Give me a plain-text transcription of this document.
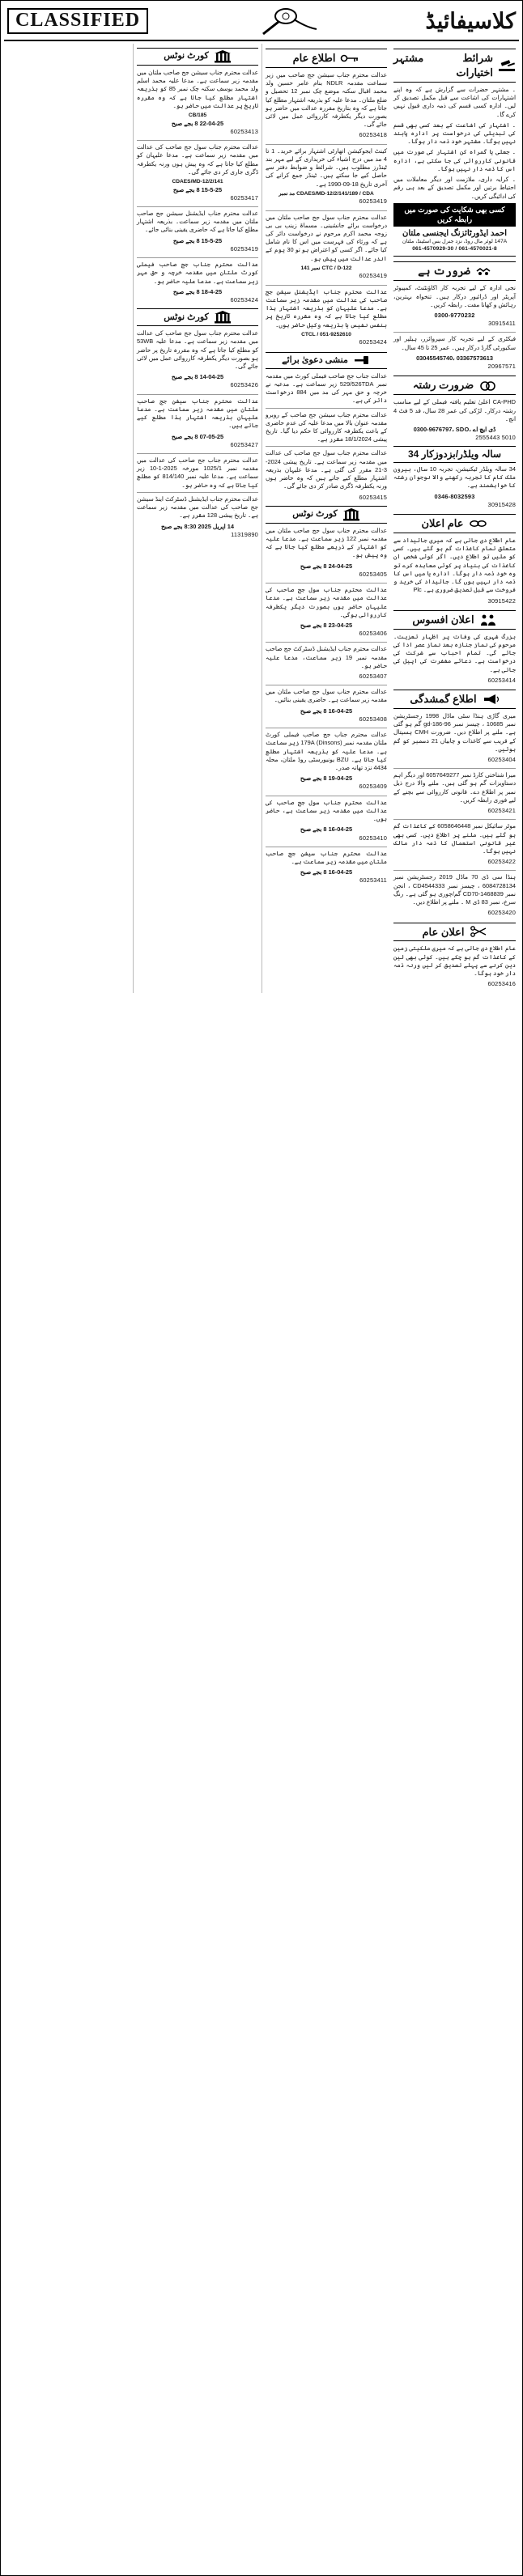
CLASSIFIED	کلاسیفائیڈ
شرائط مشتہر اختیارات

۔ مشتہر حضرات سے گزارش ہے کہ وہ اپنے اشتہارات کی اشاعت سے قبل مکمل تصدیق کر لیں۔ ادارہ کسی قسم کی ذمہ داری قبول نہیں کرے گا۔

۔ اشتہار کی اشاعت کے بعد کسی بھی قسم کی تبدیلی کی درخواست پر ادارہ پابند نہیں ہوگا۔ مشتہر خود ذمہ دار ہوگا۔

۔ جعلی یا گمراہ کن اشتہار کی صورت میں قانونی کارروائی کی جا سکتی ہے، ادارہ اس کا ذمہ دار نہیں ہوگا۔

۔ کرایہ داری، ملازمت اور دیگر معاملات میں احتیاط برتیں اور مکمل تصدیق کے بعد ہی رقم کی ادائیگی کریں۔

کسی بھی شکایت کی صورت میں رابطہ کریں
احمد ایڈورٹائزنگ ایجنسی ملتان
147A لوئر مال روڈ، نزد جنرل بس اسٹینڈ، ملتان
061-4570929-30 / 061-4570021-8
ضرورت ہے

نجی ادارہ کے لیے تجربہ کار اکاؤنٹنٹ، کمپیوٹر آپریٹر اور ڈرائیور درکار ہیں۔ تنخواہ بہترین، رہائش و کھانا مفت۔ رابطہ کریں۔

0300-9770232
30915411

فیکٹری کے لیے تجربہ کار سپروائزر، ہیلپر اور سکیورٹی گارڈ درکار ہیں۔ عمر 25 تا 45 سال۔

03045545740، 03367573613
20967571
ضرورت رشتہ

CA-PHD اعلیٰ تعلیم یافتہ فیملی کے لیے مناسب رشتہ درکار۔ لڑکی کی عمر 28 سال، قد 5 فٹ 4 انچ۔

0300-9676797، SDO، ڈی ایچ اے
5010 2555443
34 سالہ ویلڈر/بزدوزکار

34 سالہ ویلڈر ٹیکنیشن، تجربہ 10 سال، بیرون ملک کام کا تجربہ رکھنے والا نوجوان رشتہ کا خواہشمند ہے۔

0346-8032593
30915428
عام اعلان

عام اطلاع دی جاتی ہے کہ میری جائیداد سے متعلق تمام کاغذات گم ہو گئے ہیں۔ کسی کو ملیں تو اطلاع دیں۔ اگر کوئی شخص ان کاغذات کی بنیاد پر کوئی معاہدہ کرے تو وہ خود ذمہ دار ہوگا۔ ادارہ یا میں اس کا ذمہ دار نہیں ہوں گا۔ جائیداد کی خرید و فروخت سے قبل تصدیق ضروری ہے۔ Plc

30915422
اعلان افسوس

بزرگ شہری کی وفات پر اظہار تعزیت۔ مرحوم کی نماز جنازہ بعد نماز عصر ادا کی جائے گی۔ تمام احباب سے شرکت کی درخواست ہے۔ دعائے مغفرت کی اپیل کی جاتی ہے۔

60253414
اطلاع گمشدگی

میری گاڑی ہنڈا سٹی ماڈل 1998 رجسٹریشن نمبر 10685 ، چیسز نمبر 96-gd-186 گم ہو گئی ہے۔ ملنے پر اطلاع دیں۔ ضرورت CMH ہسپتال کے قریب سے کاغذات و چابیاں 21 دسمبر کو گم ہوئیں۔

60253404

میرا شناختی کارڈ نمبر 6057649277 اور دیگر اہم دستاویزات گم ہو گئی ہیں۔ ملنے والا درج ذیل نمبر پر اطلاع دے۔ قانونی کارروائی سے بچنے کے لیے فوری رابطہ کریں۔

60253421

موٹر سائیکل نمبر 6058646448 کے کاغذات گم ہو گئے ہیں۔ ملنے پر اطلاع دیں۔ کسی بھی غیر قانونی استعمال کا ذمہ دار مالک نہیں ہوگا۔

60253422

ہنڈا سی ڈی 70 ماڈل 2019 رجسٹریشن نمبر 6084728134 ، چیسز نمبر CD4544333 ، انجن نمبر CD70-1468839 گم/چوری ہو گئی ہے۔ رنگ سرخ، نمبر 83 ڈی M ۔ ملنے پر اطلاع دیں۔

60253420
اعلان عام

عام اطلاع دی جاتی ہے کہ میری ملکیتی زمین کے کاغذات گم ہو چکے ہیں۔ کوئی بھی لین دین کرنے سے پہلے تصدیق کر لیں ورنہ ذمہ دار خود ہوگا۔

60253416
اطلاع عام

عدالت محترم جناب سیشن جج صاحب میں زیر سماعت مقدمہ NDLR بنام عامر حسین ولد محمد اقبال سکنہ موضع چک نمبر 12 تحصیل و ضلع ملتان۔ مدعا علیہ کو بذریعہ اشتہار مطلع کیا جاتا ہے کہ وہ بتاریخ مقررہ عدالت میں حاضر ہو بصورت دیگر یکطرفہ کارروائی عمل میں لائی جائے گی۔

60253418

کینٹ ایجوکیشن اتھارٹی اشتہار برائے خرید۔ 1 تا 4 مد میں درج اشیاء کی خریداری کے لیے مہر بند ٹینڈرز مطلوب ہیں۔ شرائط و ضوابط دفتر سے حاصل کیے جا سکتے ہیں۔ ٹینڈر جمع کرانے کی آخری تاریخ 18-09-1990 ہے۔

CDAES/MD-12/2/141/189 / CDA مد نمبر
60253419

عدالت محترم جناب سول جج صاحب ملتان میں درخواست برائے جانشینی۔ مسماۃ زینب بی بی زوجہ محمد اکرم مرحوم نے درخواست دائر کی ہے کہ ورثاء کی فہرست میں اس کا نام شامل کیا جائے۔ اگر کسی کو اعتراض ہو تو 30 یوم کے اندر عدالت میں پیش ہو۔

CTC / D-122 نمبر 141
60253419

عدالت محترم جناب ایڈیشنل سیشن جج صاحب کی عدالت میں مقدمہ زیر سماعت ہے۔ مدعا علیہان کو بذریعہ اشتہار ہذا مطلع کیا جاتا ہے کہ وہ مقررہ تاریخ پر بنفس نفیس یا بذریعہ وکیل حاضر ہوں۔

CTCL / 051-9252610
60253424
منشی دعویٰ برائے

عدالت جناب جج صاحب فیملی کورٹ میں مقدمہ نمبر 529/526TDA زیر سماعت ہے۔ مدعیہ نے خرچہ و حق مہر کی مد میں 884 درخواست دائر کی ہے۔

عدالت محترم جناب سیشن جج صاحب کے روبرو مقدمہ عنوان بالا میں مدعا علیہ کی عدم حاضری کے باعث یکطرفہ کارروائی کا حکم دیا گیا۔ تاریخ پیشی 18/1/2024 مقرر ہے۔

عدالت محترم جناب سول جج صاحب کی عدالت میں مقدمہ زیر سماعت ہے۔ تاریخ پیشی 2024-3-21 مقرر کی گئی ہے۔ مدعا علیہان بذریعہ اشتہار مطلع کیے جاتے ہیں کہ وہ حاضر ہوں ورنہ یکطرفہ ڈگری صادر کر دی جائے گی۔

60253415
کورٹ نوٹس

عدالت محترم جناب سول جج صاحب ملتان میں مقدمہ نمبر 122 زیر سماعت ہے۔ مدعا علیہ کو اشتہار کے ذریعے مطلع کیا جاتا ہے کہ وہ پیش ہو۔

24-04-25 8 بجے صبح
60253405

عدالت محترم جناب سول جج صاحب کی عدالت میں مقدمہ زیر سماعت ہے۔ مدعا علیہان حاضر ہوں بصورت دیگر یکطرفہ کارروائی ہوگی۔

23-04-25 8 بجے صبح
60253406

عدالت محترم جناب ایڈیشنل ڈسٹرکٹ جج صاحب مقدمہ نمبر 19 زیر سماعت، مدعا علیہ حاضر ہو۔

60253407

عدالت محترم جناب سول جج صاحب ملتان میں مقدمہ زیر سماعت ہے۔ حاضری یقینی بنائیں۔

16-04-25 8 بجے صبح
60253408

عدالت محترم جناب جج صاحب فیملی کورٹ ملتان مقدمہ نمبر (Dinsons) 179A زیر سماعت ہے۔ مدعا علیہ کو بذریعہ اشتہار مطلع کیا جاتا ہے۔ BZU یونیورسٹی روڈ ملتان، محلہ 4434 نزد تھانہ صدر۔

19-04-25 8 بجے صبح
60253409

عدالت محترم جناب سول جج صاحب کی عدالت میں مقدمہ زیر سماعت ہے، حاضر ہوں۔

16-04-25 8 بجے صبح
60253410

عدالت محترم جناب سیشن جج صاحب ملتان میں مقدمہ زیر سماعت ہے۔

16-04-25 8 بجے صبح
60253411
کورٹ نوٹس

عدالت محترم جناب سیشن جج صاحب ملتان میں مقدمہ زیر سماعت ہے۔ مدعا علیہ محمد اسلم ولد محمد یوسف سکنہ چک نمبر 85 کو بذریعہ اشتہار مطلع کیا جاتا ہے کہ وہ مقررہ تاریخ پر عدالت میں حاضر ہو۔

CB/185
22-04-25 8 بجے صبح
60253413

عدالت محترم جناب سول جج صاحب کی عدالت میں مقدمہ زیر سماعت ہے۔ مدعا علیہان کو مطلع کیا جاتا ہے کہ وہ پیش ہوں ورنہ یکطرفہ ڈگری جاری کر دی جائے گی۔

CDAES/MD-12/2/141
15-5-25 8 بجے صبح
60253417

عدالت محترم جناب ایڈیشنل سیشن جج صاحب ملتان میں مقدمہ زیر سماعت۔ بذریعہ اشتہار مطلع کیا جاتا ہے کہ حاضری یقینی بنائی جائے۔

15-5-25 8 بجے صبح
60253419

عدالت محترم جناب جج صاحب فیملی کورٹ ملتان میں مقدمہ خرچہ و حق مہر زیر سماعت ہے۔ مدعا علیہ حاضر ہو۔

18-4-25 8 بجے صبح
60253424
کورٹ نوٹس

عدالت محترم جناب سول جج صاحب کی عدالت میں مقدمہ زیر سماعت ہے۔ مدعا علیہ 53WB کو مطلع کیا جاتا ہے کہ وہ مقررہ تاریخ پر حاضر ہو بصورت دیگر یکطرفہ کارروائی عمل میں لائی جائے گی۔

14-04-25 8 بجے صبح
60253426

عدالت محترم جناب سیشن جج صاحب ملتان میں مقدمہ زیر سماعت ہے۔ مدعا علیہان بذریعہ اشتہار ہذا مطلع کیے جاتے ہیں۔

07-05-25 8 بجے صبح
60253427

عدالت محترم جناب جج صاحب کی عدالت میں مقدمہ نمبر 1025/1 مورخہ 2025-1-10 زیر سماعت ہے۔ مدعا علیہ نمبر 814/140 کو مطلع کیا جاتا ہے کہ وہ حاضر ہو۔

عدالت محترم جناب ایڈیشنل ڈسٹرکٹ اینڈ سیشن جج صاحب کی عدالت میں مقدمہ زیر سماعت ہے۔ تاریخ پیشی 128 مقرر ہے۔

14 اپریل 2025 8:30 بجے صبح
11319890
